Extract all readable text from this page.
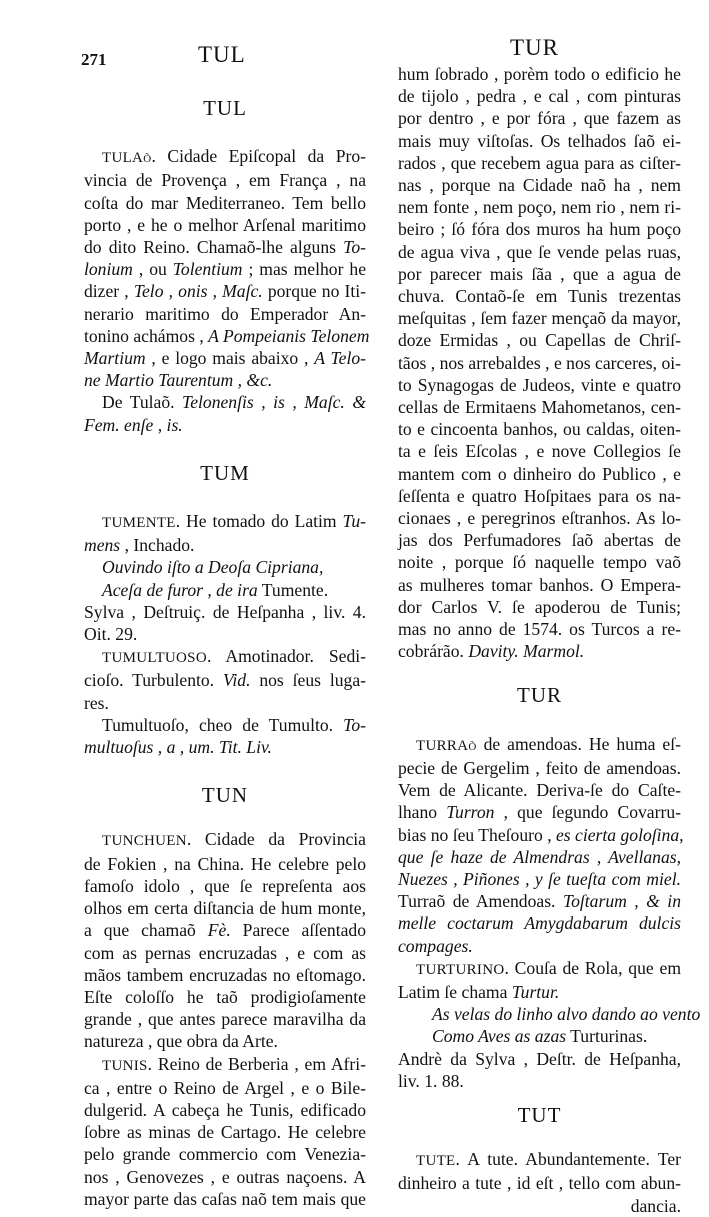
271	TUL	TUR
TUL
TULAõ. Cidade Epiſcopal da Pro-
vincia de Provença , em França , na
coſta do mar Mediterraneo. Tem bello
porto , e he o melhor Arſenal maritimo
do dito Reino. Chamaõ-lhe alguns To-
lonium , ou Tolentium ; mas melhor he
dizer , Telo , onis , Maſc. porque no Iti-
nerario maritimo do Emperador An-
tonino achámos , A Pompeianis Telonem
Martium , e logo mais abaixo , A Telo-
ne Martio Taurentum , &c.
De Tulaõ. Telonenſis , is , Maſc. &
Fem. enſe , is.
TUM
TUMENTE. He tomado do Latim Tu-
mens , Inchado.
Ouvindo iſto a Deoſa Cipriana,
Aceſa de furor , de ira Tumente.
Sylva , Deſtruiç. de Heſpanha , liv. 4.
Oit. 29.
TUMULTUOSO. Amotinador. Sedi-
cioſo. Turbulento. Vid. nos ſeus luga-
res.
Tumultuoſo, cheo de Tumulto. To-
multuoſus , a , um. Tit. Liv.
TUN
TUNCHUEN. Cidade da Provincia
de Fokien , na China. He celebre pelo
famoſo idolo , que ſe repreſenta aos
olhos em certa diſtancia de hum monte,
a que chamaõ Fè. Parece aſſentado
com as pernas encruzadas , e com as
mãos tambem encruzadas no eſtomago.
Eſte coloſſo he taõ prodigioſamente
grande , que antes parece maravilha da
natureza , que obra da Arte.
TUNIS. Reino de Berberia , em Afri-
ca , entre o Reino de Argel , e o Bile-
dulgerid. A cabeça he Tunis, edificado
ſobre as minas de Cartago. He celebre
pelo grande commercio com Venezia-
nos , Genovezes , e outras naçoens. A
mayor parte das caſas naõ tem mais que
hum ſobrado , porèm todo o edificio he
de tijolo , pedra , e cal , com pinturas
por dentro , e por fóra , que fazem as
mais muy viſtoſas. Os telhados ſaõ ei-
rados , que recebem agua para as ciſter-
nas , porque na Cidade naõ ha , nem
nem fonte , nem poço, nem rio , nem ri-
beiro ; ſó fóra dos muros ha hum poço
de agua viva , que ſe vende pelas ruas,
por parecer mais ſãa , que a agua de
chuva. Contaõ-ſe em Tunis trezentas
meſquitas , ſem fazer mençaõ da mayor,
doze Ermidas , ou Capellas de Chriſ-
tãos , nos arrebaldes , e nos carceres, oi-
to Synagogas de Judeos, vinte e quatro
cellas de Ermitaens Mahometanos, cen-
to e cincoenta banhos, ou caldas, oiten-
ta e ſeis Eſcolas , e nove Collegios ſe
mantem com o dinheiro do Publico , e
ſeſſenta e quatro Hoſpitaes para os na-
cionaes , e peregrinos eſtranhos. As lo-
jas dos Perfumadores ſaõ abertas de
noite , porque ſó naquelle tempo vaõ
as mulheres tomar banhos. O Empera-
dor Carlos V. ſe apoderou de Tunis;
mas no anno de 1574. os Turcos a re-
cobrárão. Davity. Marmol.
TUR
TURRAõ de amendoas. He huma eſ-
pecie de Gergelim , feito de amendoas.
Vem de Alicante. Deriva-ſe do Caſte-
lhano Turron , que ſegundo Covarru-
bias no ſeu Theſouro , es cierta goloſina,
que ſe haze de Almendras , Avellanas,
Nuezes , Piñones , y ſe tueſta com miel.
Turraõ de Amendoas. Toſtarum , & in
melle coctarum Amygdabarum dulcis
compages.
TURTURINO. Couſa de Rola, que em
Latim ſe chama Turtur.
As velas do linho alvo dando ao vento
Como Aves as azas Turturinas.
Andrè da Sylva , Deſtr. de Heſpanha,
liv. 1. 88.
TUT
TUTE. A tute. Abundantemente. Ter
dinheiro a tute , id eſt , tello com abun-
dancia.
